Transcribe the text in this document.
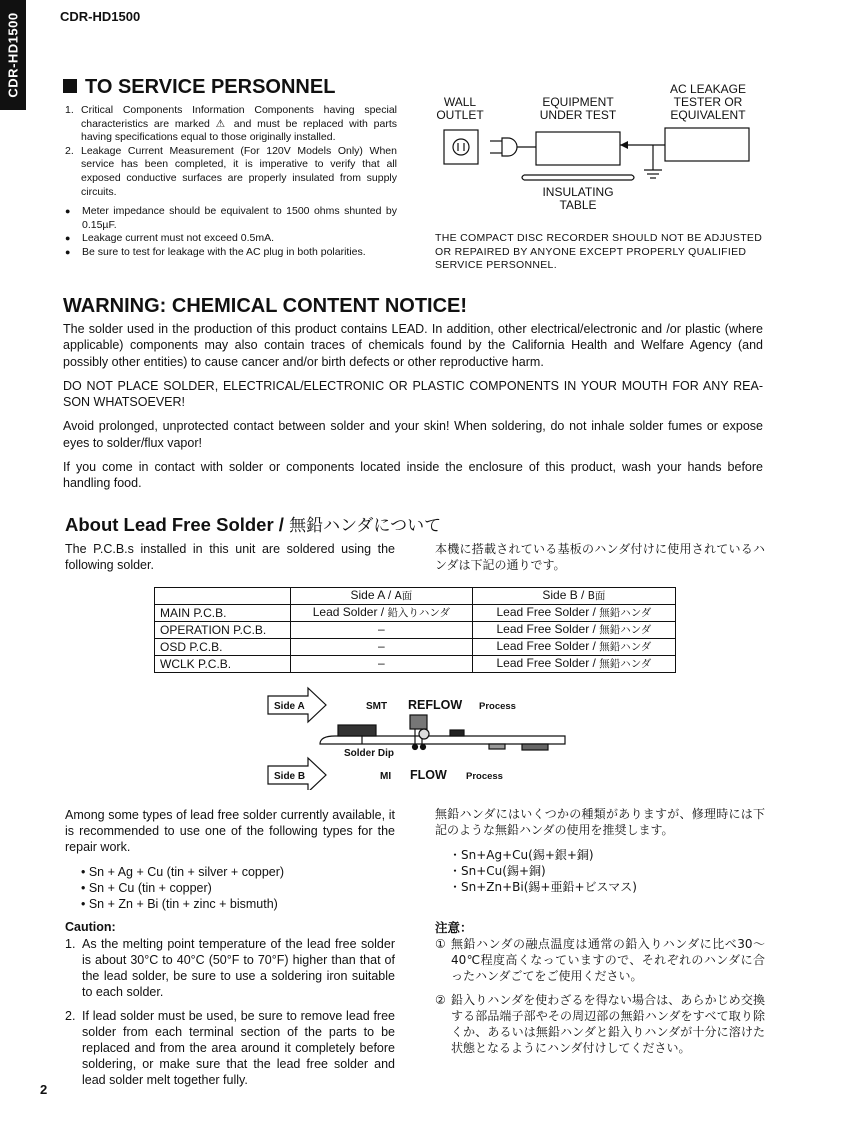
CDR-HD1500	CDR-HD1500
TO SERVICE PERSONNEL
1. Critical Components Information Components having special characteristics are marked ⚠ and must be replaced with parts having specifications equal to those originally installed.
2. Leakage Current Measurement (For 120V Models Only) When service has been completed, it is imperative to verify that all exposed conductive surfaces are properly insulated from supply circuits.
●	Meter impedance should be equivalent to 1500 ohms shunted by 0.15µF.
●	Leakage current must not exceed 0.5mA.
●	Be sure to test for leakage with the AC plug in both polarities.
WALL
OUTLET
EQUIPMENT
UNDER TEST
AC LEAKAGE
TESTER OR
EQUIVALENT
INSULATING
TABLE
THE COMPACT DISC RECORDER SHOULD NOT BE ADJUSTED OR REPAIRED BY ANYONE EXCEPT PROPERLY QUALIFIED SERVICE PERSONNEL.
WARNING: CHEMICAL CONTENT NOTICE!

The solder used in the production of this product contains LEAD. In addition, other electrical/electronic and /or plastic (where applicable) components may also contain traces of chemicals found by the California Health and Welfare Agency (and possibly other entities) to cause cancer and/or birth defects or other reproductive harm.

DO NOT PLACE SOLDER, ELECTRICAL/ELECTRONIC OR PLASTIC COMPONENTS IN YOUR MOUTH FOR ANY REA- SON WHATSOEVER!

Avoid prolonged, unprotected contact between solder and your skin! When soldering, do not inhale solder fumes or expose eyes to solder/flux vapor!

If you come in contact with solder or components located inside the enclosure of this product, wash your hands before handling food.

About Lead Free Solder / 無鉛ハンダについて
The P.C.B.s installed in this unit are soldered using the following solder.
本機に搭載されている基板のハンダ付けに使用されているハンダは下記の通りです。
	Side A / A面	Side B / B面
MAIN P.C.B.	Lead Solder / 鉛入りハンダ	Lead Free Solder / 無鉛ハンダ
OPERATION P.C.B.	–	Lead Free Solder / 無鉛ハンダ
OSD P.C.B.	–	Lead Free Solder / 無鉛ハンダ
WCLK P.C.B.	–	Lead Free Solder / 無鉛ハンダ
Side A	SMT REFLOW Process
Solder Dip
Side B	MI FLOW Process
Among some types of lead free solder currently available, it is recommended to use one of the following types for the repair work.
無鉛ハンダにはいくつかの種類がありますが、修理時には下記のような無鉛ハンダの使用を推奨します。
• Sn + Ag + Cu (tin + silver + copper)
• Sn + Cu (tin + copper)
• Sn + Zn + Bi (tin + zinc + bismuth)
・Sn+Ag+Cu(錫+銀+銅)
・Sn+Cu(錫+銅)
・Sn+Zn+Bi(錫+亜鉛+ビスマス)
Caution:	注意：
1. As the melting point temperature of the lead free solder is about 30°C to 40°C (50°F to 70°F) higher than that of the lead solder, be sure to use a soldering iron suitable to each solder.
2. If lead solder must be used, be sure to remove lead free solder from each terminal section of the parts to be replaced and from the area around it completely before soldering, or make sure that the lead free solder and lead solder melt together fully.
① 無鉛ハンダの融点温度は通常の鉛入りハンダに比べ30〜40℃程度高くなっていますので、それぞれのハンダに合ったハンダごてをご使用ください。
② 鉛入りハンダを使わざるを得ない場合は、あらかじめ交換する部品端子部やその周辺部の無鉛ハンダをすべて取り除くか、あるいは無鉛ハンダと鉛入りハンダが十分に溶けた状態となるようにハンダ付けしてください。
2
